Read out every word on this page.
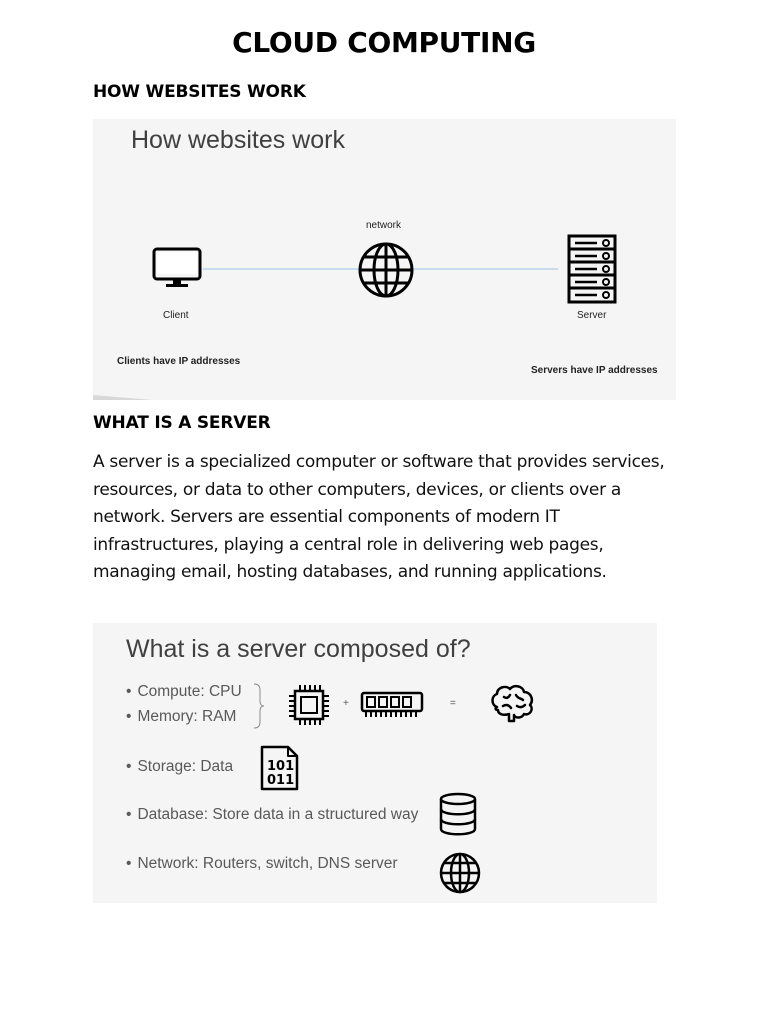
CLOUD COMPUTING
HOW WEBSITES WORK
How websites work
Client
network
Server
Clients have IP addresses
Servers have IP addresses
WHAT IS A SERVER

A server is a specialized computer or software that provides services, resources, or data to other computers, devices, or clients over a network. Servers are essential components of modern IT infrastructures, playing a central role in delivering web pages, managing email, hosting databases, and running applications.

What is a server composed of?
• Compute: CPU
• Memory: RAM
• Storage: Data
• Database: Store data in a structured way
• Network: Routers, switch, DNS server
+	=
101
011
